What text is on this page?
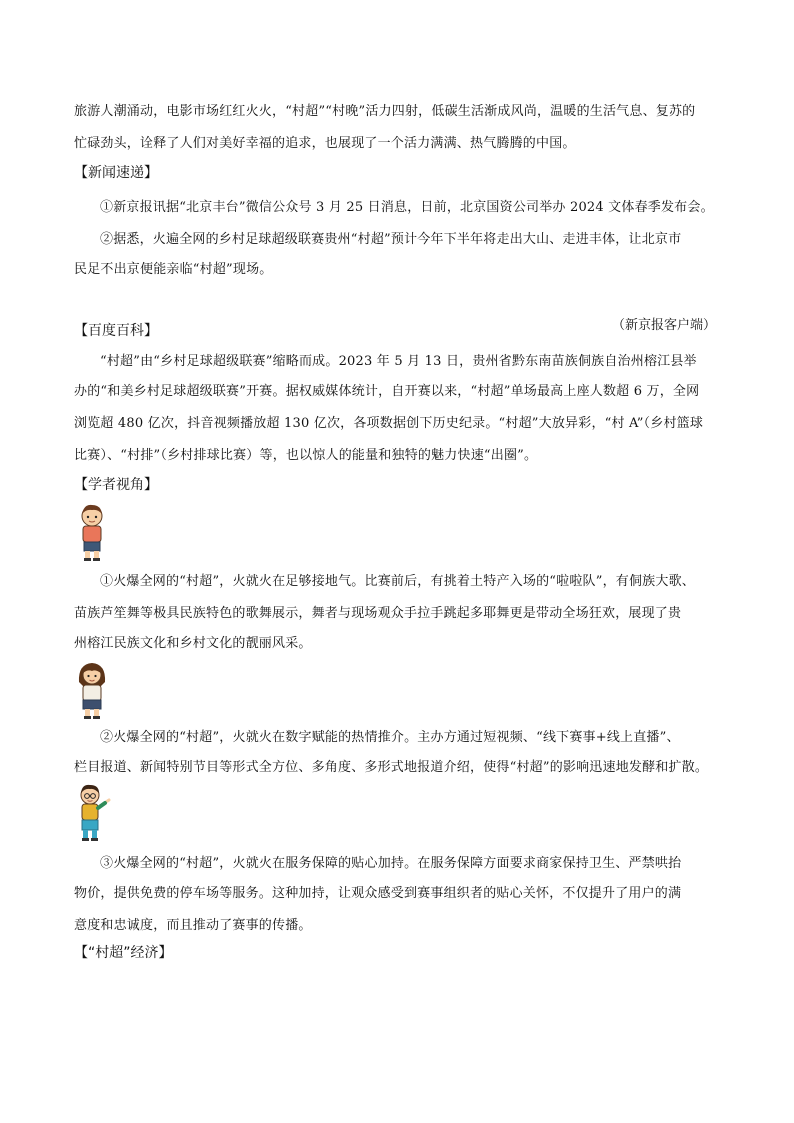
旅游人潮涌动，电影市场红红火火，“村超”“村晚”活力四射，低碳生活渐成风尚，温暖的生活气息、复苏的
忙碌劲头，诠释了人们对美好幸福的追求，也展现了一个活力满满、热气腾腾的中国。
【新闻速递】
①新京报讯据“北京丰台”微信公众号 3 月 25 日消息，日前，北京国资公司举办 2024 文体春季发布会。
②据悉，火遍全网的乡村足球超级联赛贵州“村超”预计今年下半年将走出大山、走进丰体，让北京市
民足不出京便能亲临“村超”现场。
（新京报客户端）
【百度百科】
“村超”由“乡村足球超级联赛”缩略而成。2023 年 5 月 13 日，贵州省黔东南苗族侗族自治州榕江县举
办的“和美乡村足球超级联赛”开赛。据权威媒体统计，自开赛以来，“村超”单场最高上座人数超 6 万，全网
浏览超 480 亿次，抖音视频播放超 130 亿次，各项数据创下历史纪录。“村超”大放异彩，“村 A”（乡村篮球
比赛）、“村排”（乡村排球比赛）等，也以惊人的能量和独特的魅力快速“出圈”。
【学者视角】
①火爆全网的“村超”，火就火在足够接地气。比赛前后，有挑着土特产入场的“啦啦队”，有侗族大歌、
苗族芦笙舞等极具民族特色的歌舞展示，舞者与现场观众手拉手跳起多耶舞更是带动全场狂欢，展现了贵
州榕江民族文化和乡村文化的靓丽风采。
②火爆全网的“村超”，火就火在数字赋能的热情推介。主办方通过短视频、“线下赛事+线上直播”、
栏目报道、新闻特别节目等形式全方位、多角度、多形式地报道介绍，使得“村超”的影响迅速地发酵和扩散。
③火爆全网的“村超”，火就火在服务保障的贴心加持。在服务保障方面要求商家保持卫生、严禁哄抬
物价，提供免费的停车场等服务。这种加持，让观众感受到赛事组织者的贴心关怀，不仅提升了用户的满
意度和忠诚度，而且推动了赛事的传播。
【“村超”经济】
